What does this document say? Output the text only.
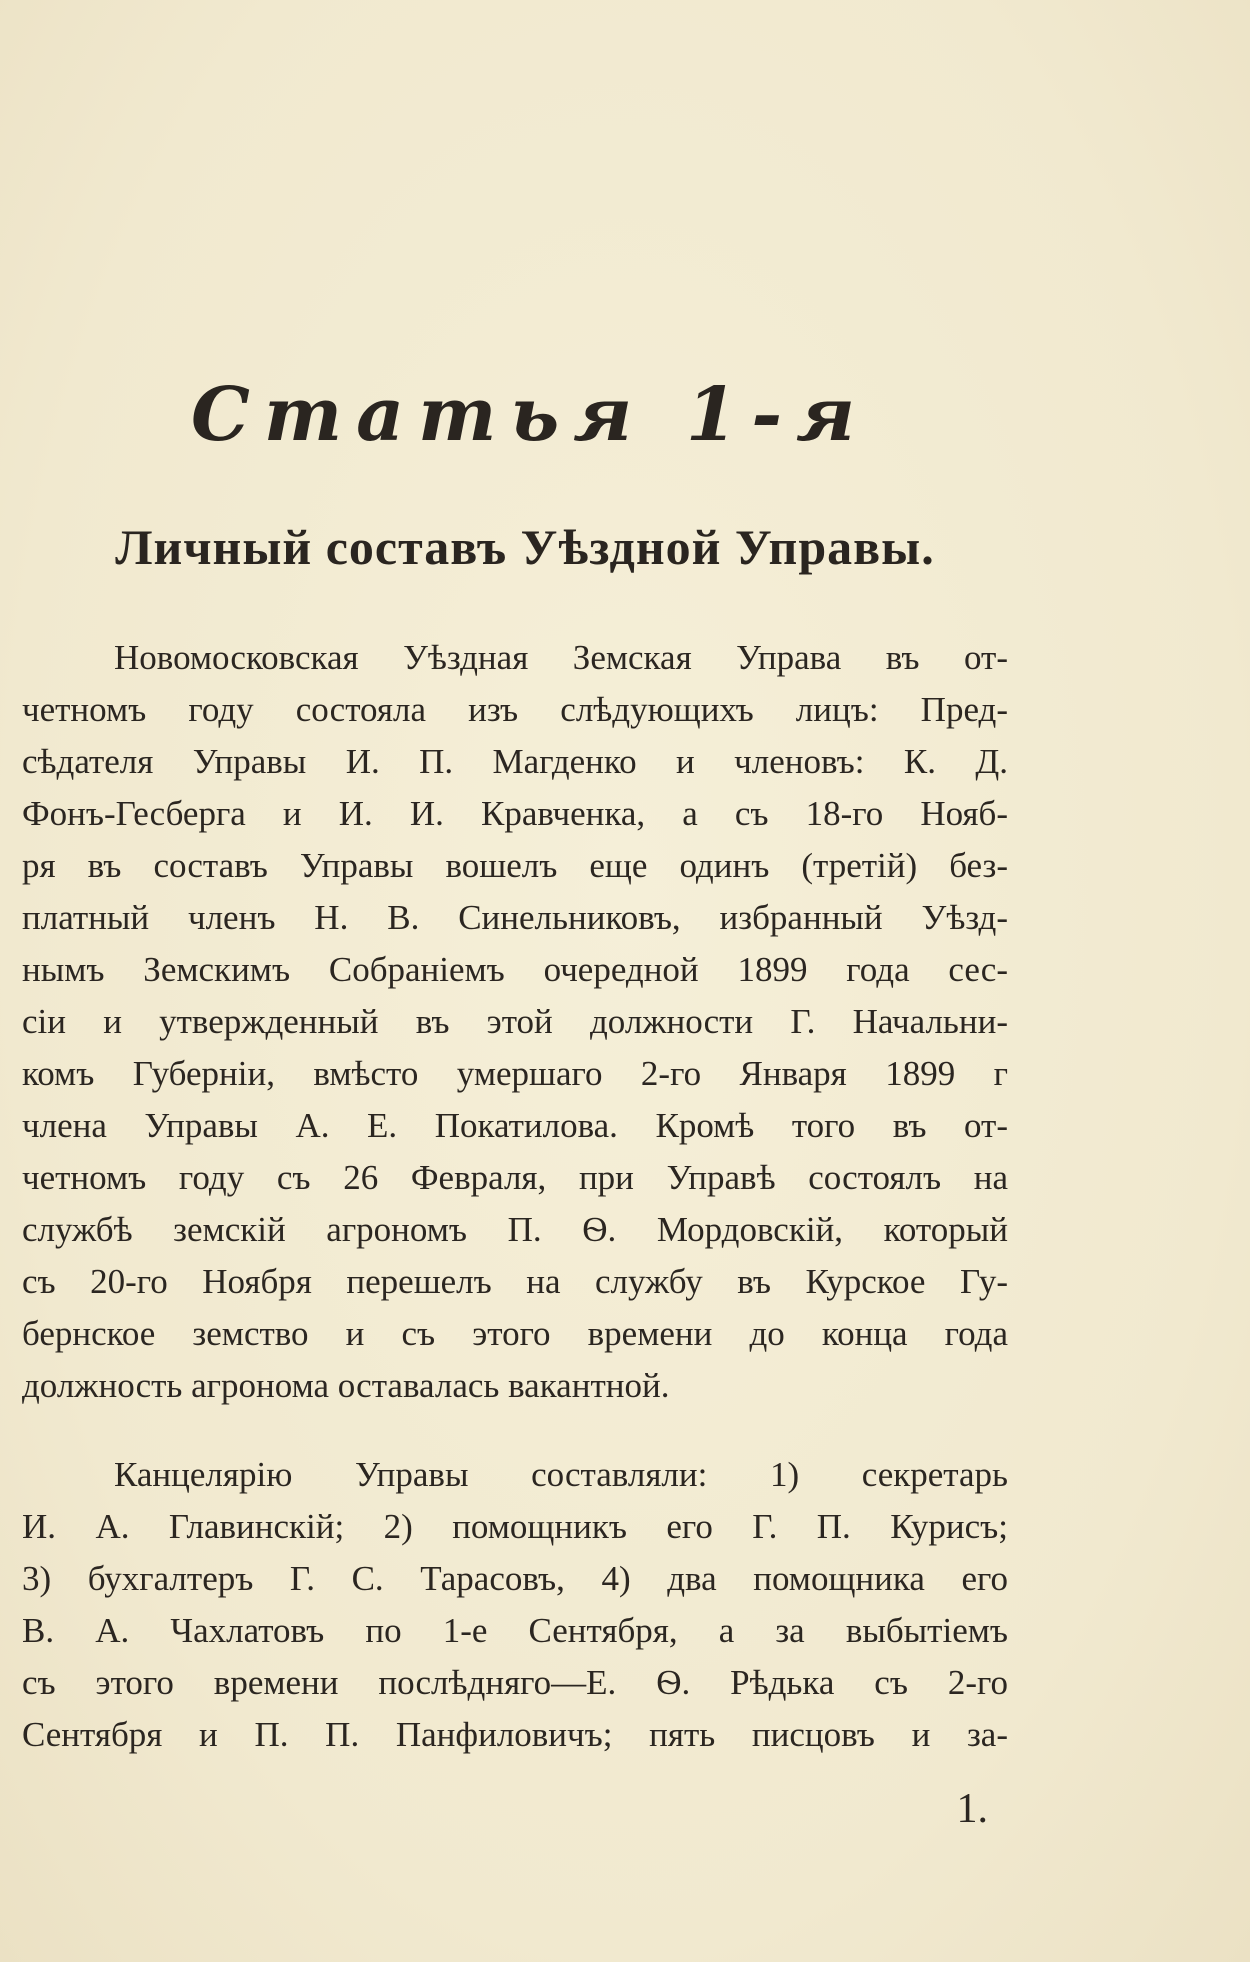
Статья 1-я
Личный составъ Уѣздной Управы.
Новомосковская Уѣздная Земская Управа въ от-
четномъ году состояла изъ слѣдующихъ лицъ: Пред-
сѣдателя Управы И. П. Магденко и членовъ: К. Д.
Фонъ-Гесберга и И. И. Кравченка, а съ 18-го Нояб-
ря въ составъ Управы вошелъ еще одинъ (третій) без-
платный членъ Н. В. Синельниковъ, избранный Уѣзд-
нымъ Земскимъ Собраніемъ очередной 1899 года сес-
сіи и утвержденный въ этой должности Г. Начальни-
комъ Губерніи, вмѣсто умершаго 2-го Января 1899 г
члена Управы А. Е. Покатилова. Кромѣ того въ от-
четномъ году съ 26 Февраля, при Управѣ состоялъ на
службѣ земскій агрономъ П. Ѳ. Мордовскій, который
съ 20-го Ноября перешелъ на службу въ Курское Гу-
бернское земство и съ этого времени до конца года
должность агронома оставалась вакантной.
Канцелярію Управы составляли: 1) секретарь
И. А. Главинскій; 2) помощникъ его Г. П. Курисъ;
3) бухгалтеръ Г. С. Тарасовъ, 4) два помощника его
В. А. Чахлатовъ по 1-е Сентября, а за выбытіемъ
съ этого времени послѣдняго—Е. Ѳ. Рѣдька съ 2-го
Сентября и П. П. Панфиловичъ; пять писцовъ и за-
1.
